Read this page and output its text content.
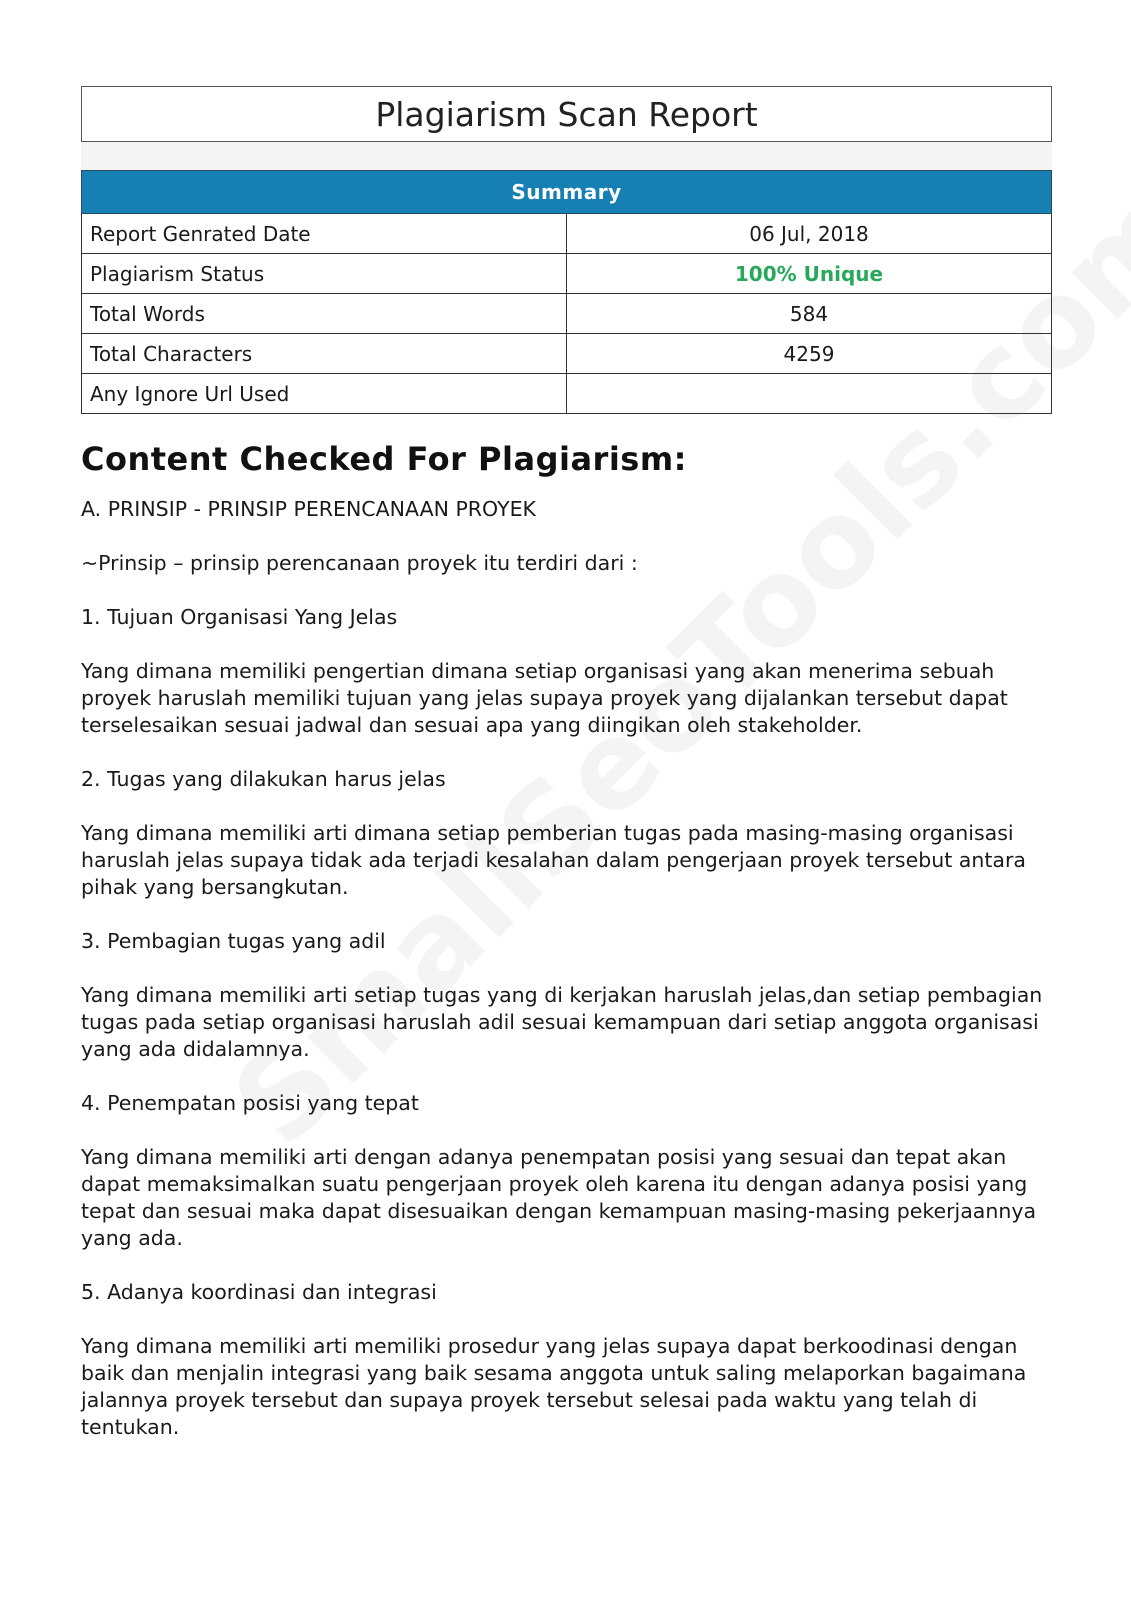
Plagiarism Scan Report
Summary	
Report Genrated Date	06 Jul, 2018
Plagiarism Status	100% Unique
Total Words	584
Total Characters	4259
Any Ignore Url Used	
Content Checked For Plagiarism:

A. PRINSIP - PRINSIP PERENCANAAN PROYEK

~Prinsip – prinsip perencanaan proyek itu terdiri dari :

1. Tujuan Organisasi Yang Jelas

Yang dimana memiliki pengertian dimana setiap organisasi yang akan menerima sebuah proyek haruslah memiliki tujuan yang jelas supaya proyek yang dijalankan tersebut dapat terselesaikan sesuai jadwal dan sesuai apa yang diingikan oleh stakeholder.

2. Tugas yang dilakukan harus jelas

Yang dimana memiliki arti dimana setiap pemberian tugas pada masing-masing organisasi haruslah jelas supaya tidak ada terjadi kesalahan dalam pengerjaan proyek tersebut antara pihak yang bersangkutan.

3. Pembagian tugas yang adil

Yang dimana memiliki arti setiap tugas yang di kerjakan haruslah jelas,dan setiap pembagian tugas pada setiap organisasi haruslah adil sesuai kemampuan dari setiap anggota organisasi yang ada didalamnya.

4. Penempatan posisi yang tepat

Yang dimana memiliki arti dengan adanya penempatan posisi yang sesuai dan tepat akan dapat memaksimalkan suatu pengerjaan proyek oleh karena itu dengan adanya posisi yang tepat dan sesuai maka dapat disesuaikan dengan kemampuan masing-masing pekerjaannya yang ada.

5. Adanya koordinasi dan integrasi

Yang dimana memiliki arti memiliki prosedur yang jelas supaya dapat berkoodinasi dengan baik dan menjalin integrasi yang baik sesama anggota untuk saling melaporkan bagaimana jalannya proyek tersebut dan supaya proyek tersebut selesai pada waktu yang telah di tentukan.
